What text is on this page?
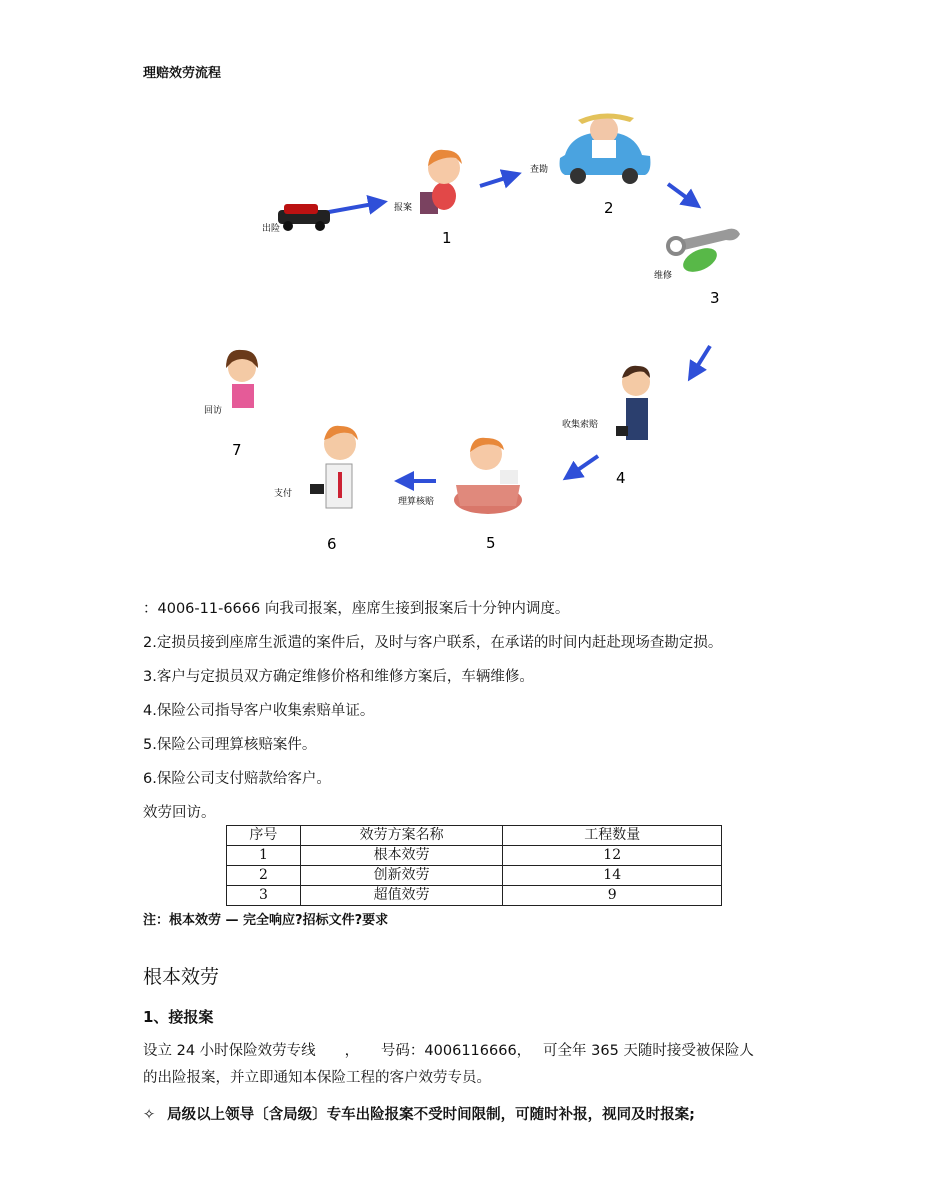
理赔效劳流程
出险
报案
1
查勘
2
维修
3
收集索赔
4
理算核赔
5
支付
6
回访
7
：4006-11-6666 向我司报案，座席生接到报案后十分钟内调度。
2.定损员接到座席生派遣的案件后，及时与客户联系，在承诺的时间内赶赴现场查勘定损。
3.客户与定损员双方确定维修价格和维修方案后，车辆维修。
4.保险公司指导客户收集索赔单证。
5.保险公司理算核赔案件。
6.保险公司支付赔款给客户。
效劳回访。
序号	效劳方案名称	工程数量
1	根本效劳	12
2	创新效劳	14
3	超值效劳	9
注：根本效劳 — 完全响应?招标文件?要求
根本效劳
1、接报案
设立 24 小时保险效劳专线　　，　　号码：4006116666，　 可全年 365 天随时接受被保险人
的出险报案，并立即通知本保险工程的客户效劳专员。
✧ 局级以上领导〔含局级〕专车出险报案不受时间限制，可随时补报，视同及时报案;
